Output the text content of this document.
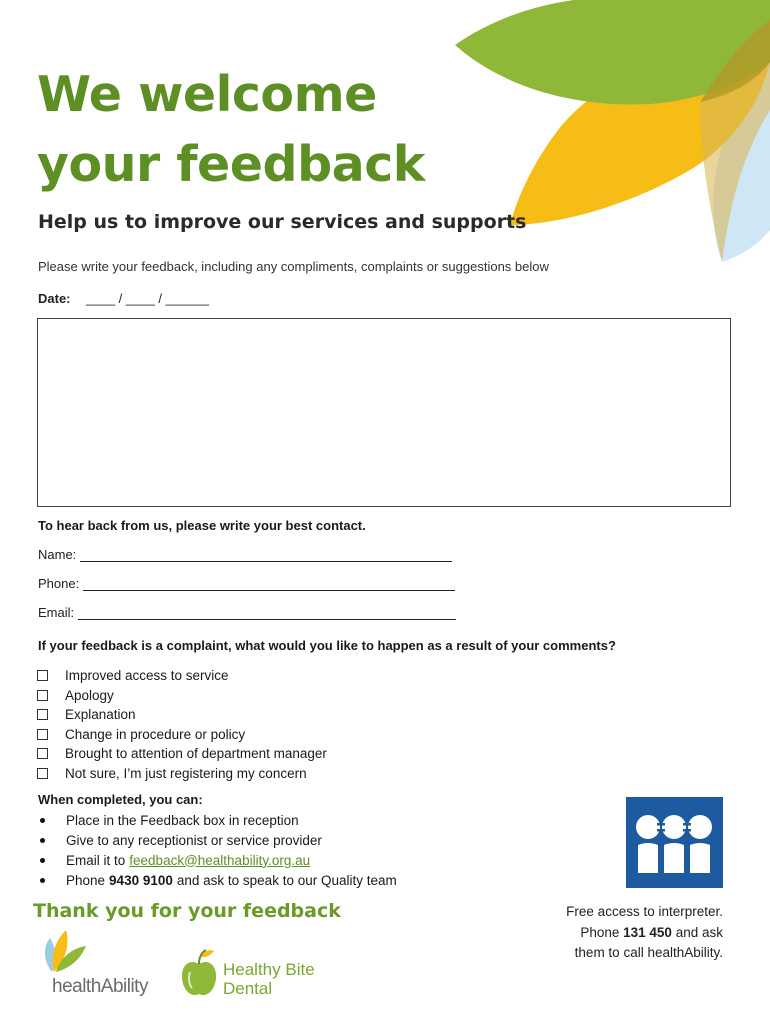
We welcome
your feedback
Help us to improve our services and supports
Please write your feedback, including any compliments, complaints or suggestions below
Date: ____ / ____ / ______
To hear back from us, please write your best contact.
Name:
Phone:
Email:
If your feedback is a complaint, what would you like to happen as a result of your comments?
Improved access to service
Apology
Explanation
Change in procedure or policy
Brought to attention of department manager
Not sure, I’m just registering my concern
When completed, you can:
Place in the Feedback box in reception
Give to any receptionist or service provider
Email it to feedback@healthability.org.au
Phone 9430 9100 and ask to speak to our Quality team
Thank you for your feedback	Free access to interpreter.
Phone 131 450 and ask
them to call healthAbility.
healthAbility
Healthy Bite
Dental
